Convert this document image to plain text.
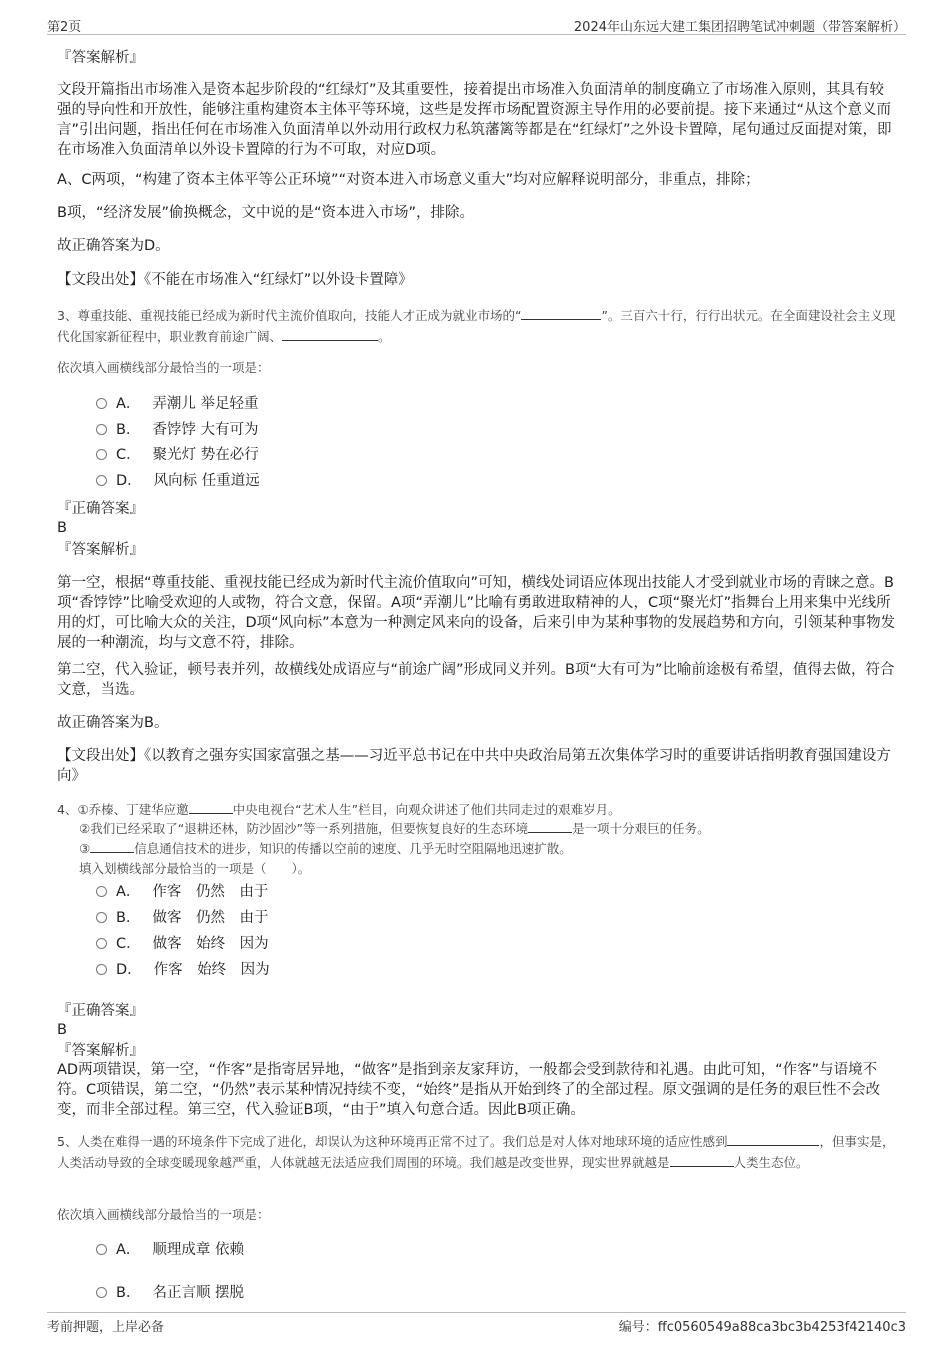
第2页	2024年山东远大建工集团招聘笔试冲刺题（带答案解析）
『答案解析』

文段开篇指出市场准入是资本起步阶段的“红绿灯”及其重要性，接着提出市场准入负面清单的制度确立了市场准入原则，其具有较强的导向性和开放性，能够注重构建资本主体平等环境，这些是发挥市场配置资源主导作用的必要前提。接下来通过“从这个意义而言”引出问题，指出任何在市场准入负面清单以外动用行政权力私筑藩篱等都是在“红绿灯”之外设卡置障，尾句通过反面提对策，即在市场准入负面清单以外设卡置障的行为不可取，对应D项。

A、C两项，“构建了资本主体平等公正环境”“对资本进入市场意义重大”均对应解释说明部分，非重点，排除；

B项，“经济发展”偷换概念，文中说的是“资本进入市场”，排除。

故正确答案为D。

【文段出处】《不能在市场准入“红绿灯”以外设卡置障》

3、尊重技能、重视技能已经成为新时代主流价值取向，技能人才正成为就业市场的“	”。三百六十行，行行出状元。在全面建设社会主义现代化国家新征程中，职业教育前途广阔、	。

依次填入画横线部分最恰当的一项是：

A． 弄潮儿 举足轻重
B． 香饽饽 大有可为
C． 聚光灯 势在必行
D． 风向标 任重道远
『正确答案』
B
『答案解析』

第一空，根据“尊重技能、重视技能已经成为新时代主流价值取向”可知，横线处词语应体现出技能人才受到就业市场的青睐之意。B项“香饽饽”比喻受欢迎的人或物，符合文意，保留。A项“弄潮儿”比喻有勇敢进取精神的人，C项“聚光灯”指舞台上用来集中光线所用的灯，可比喻大众的关注，D项“风向标”本意为一种测定风来向的设备，后来引申为某种事物的发展趋势和方向，引领某种事物发展的一种潮流，均与文意不符，排除。

第二空，代入验证，顿号表并列，故横线处成语应与“前途广阔”形成同义并列。B项“大有可为”比喻前途极有希望，值得去做，符合文意，当选。

故正确答案为B。

【文段出处】《以教育之强夯实国家富强之基——习近平总书记在中共中央政治局第五次集体学习时的重要讲话指明教育强国建设方向》

4、①乔榛、丁建华应邀	中央电视台“艺术人生”栏目，向观众讲述了他们共同走过的艰难岁月。
②我们已经采取了“退耕还林，防沙固沙”等一系列措施，但要恢复良好的生态环境	是一项十分艰巨的任务。
③	信息通信技术的进步，知识的传播以空前的速度、几乎无时空阻隔地迅速扩散。
填入划横线部分最恰当的一项是（　　）。
A． 作客　仍然　由于
B． 做客　仍然　由于
C． 做客　始终　因为
D． 作客　始终　因为
『正确答案』
B
『答案解析』

AD两项错误，第一空，“作客”是指寄居异地，“做客”是指到亲友家拜访，一般都会受到款待和礼遇。由此可知，“作客”与语境不符。C项错误，第二空，“仍然”表示某种情况持续不变，“始终”是指从开始到终了的全部过程。原文强调的是任务的艰巨性不会改变，而非全部过程。第三空，代入验证B项，“由于”填入句意合适。因此B项正确。

5、人类在难得一遇的环境条件下完成了进化，却误认为这种环境再正常不过了。我们总是对人体对地球环境的适应性感到	，但事实是，人类活动导致的全球变暖现象越严重，人体就越无法适应我们周围的环境。我们越是改变世界，现实世界就越是	人类生态位。

依次填入画横线部分最恰当的一项是：

A． 顺理成章 依赖
B． 名正言顺 摆脱
考前押题，上岸必备	编号：ffc0560549a88ca3bc3b4253f42140c3
